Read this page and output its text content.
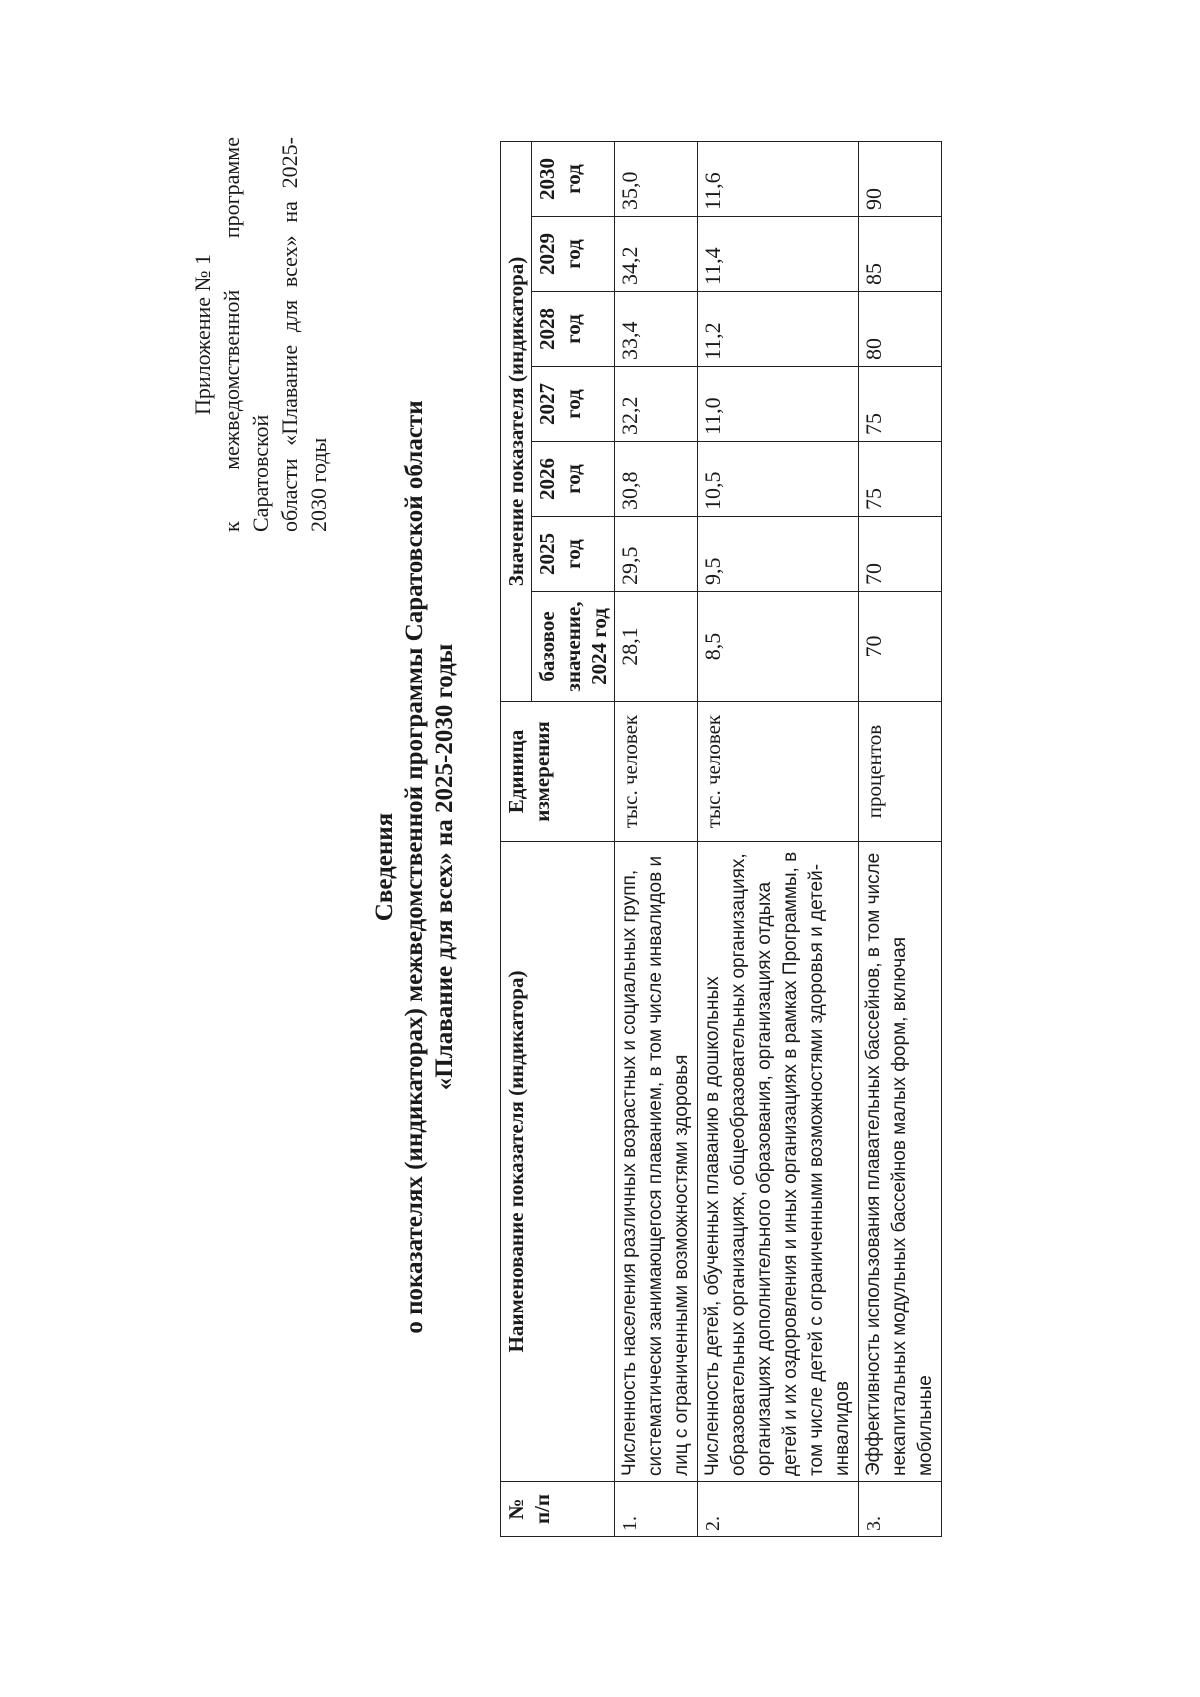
Приложение № 1 к межведомственной программе Саратовской области «Плавание для всех» на 2025-2030 годы
Сведения о показателях (индикаторах) межведомственной программы Саратовской области «Плавание для всех» на 2025-2030 годы
№ п/п	Наименование показателя (индикатора)	Единица измерения	Значение показателя (индикатора)						
			базовое значение, 2024 год	2025 год	2026 год	2027 год	2028 год	2029 год	2030 год
1.	Численность населения различных возрастных и социальных групп, систематически занимающегося плаванием, в том числе инвалидов и лиц с ограниченными возможностями здоровья	тыс. человек	28,1	29,5	30,8	32,2	33,4	34,2	35,0
2.	Численность детей, обученных плаванию в дошкольных образовательных организациях, общеобразовательных организациях, организациях дополнительного образования, организациях отдыха детей и их оздоровления и иных организациях в рамках Программы, в том числе детей с ограниченными возможностями здоровья и детей-инвалидов	тыс. человек	8,5	9,5	10,5	11,0	11,2	11,4	11,6
3.	Эффективность использования плавательных бассейнов, в том числе некапитальных модульных бассейнов малых форм, включая мобильные	процентов	70	70	75	75	80	85	90
